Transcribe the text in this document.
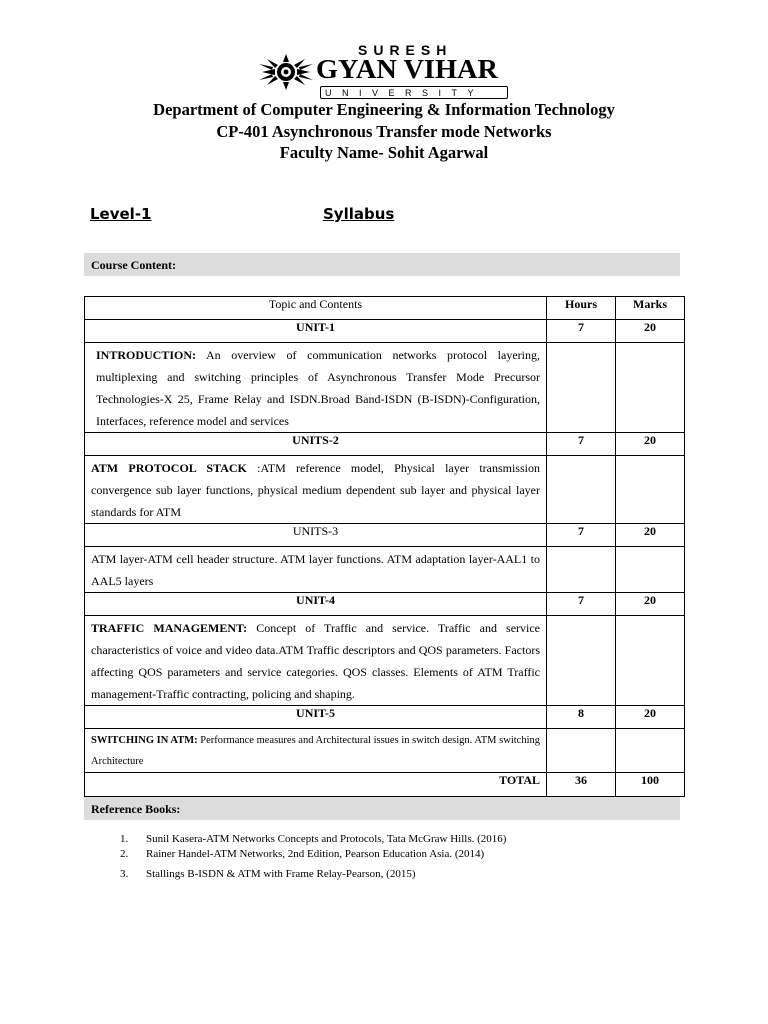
SURESH
GYAN VIHAR
UNIVERSITY
Department of Computer Engineering & Information Technology
CP-401 Asynchronous Transfer mode Networks
Faculty Name- Sohit Agarwal
Level-1	Syllabus
Course Content:
Topic and Contents	Hours	Marks
UNIT-1	7	20
INTRODUCTION: An overview of communication networks protocol layering, multiplexing and switching principles of Asynchronous Transfer Mode Precursor Technologies-X 25, Frame Relay and ISDN.Broad Band-ISDN (B-ISDN)-Configuration, Interfaces, reference model and services		
UNITS-2	7	20
ATM PROTOCOL STACK :ATM reference model, Physical layer transmission convergence sub layer functions, physical medium dependent sub layer and physical layer standards for ATM		
UNITS-3	7	20
ATM layer-ATM cell header structure. ATM layer functions. ATM adaptation layer-AAL1 to AAL5 layers		
UNIT-4	7	20
TRAFFIC MANAGEMENT: Concept of Traffic and service. Traffic and service characteristics of voice and video data.ATM Traffic descriptors and QOS parameters. Factors affecting QOS parameters and service categories. QOS classes. Elements of ATM Traffic management-Traffic contracting, policing and shaping.		
UNIT-5	8	20
SWITCHING IN ATM: Performance measures and Architectural issues in switch design. ATM switching Architecture		
TOTAL	36	100
Reference Books:
1. Sunil Kasera-ATM Networks Concepts and Protocols, Tata McGraw Hills. (2016)
2. Rainer Handel-ATM Networks, 2nd Edition, Pearson Education Asia. (2014)
3. Stallings B-ISDN & ATM with Frame Relay-Pearson, (2015)
